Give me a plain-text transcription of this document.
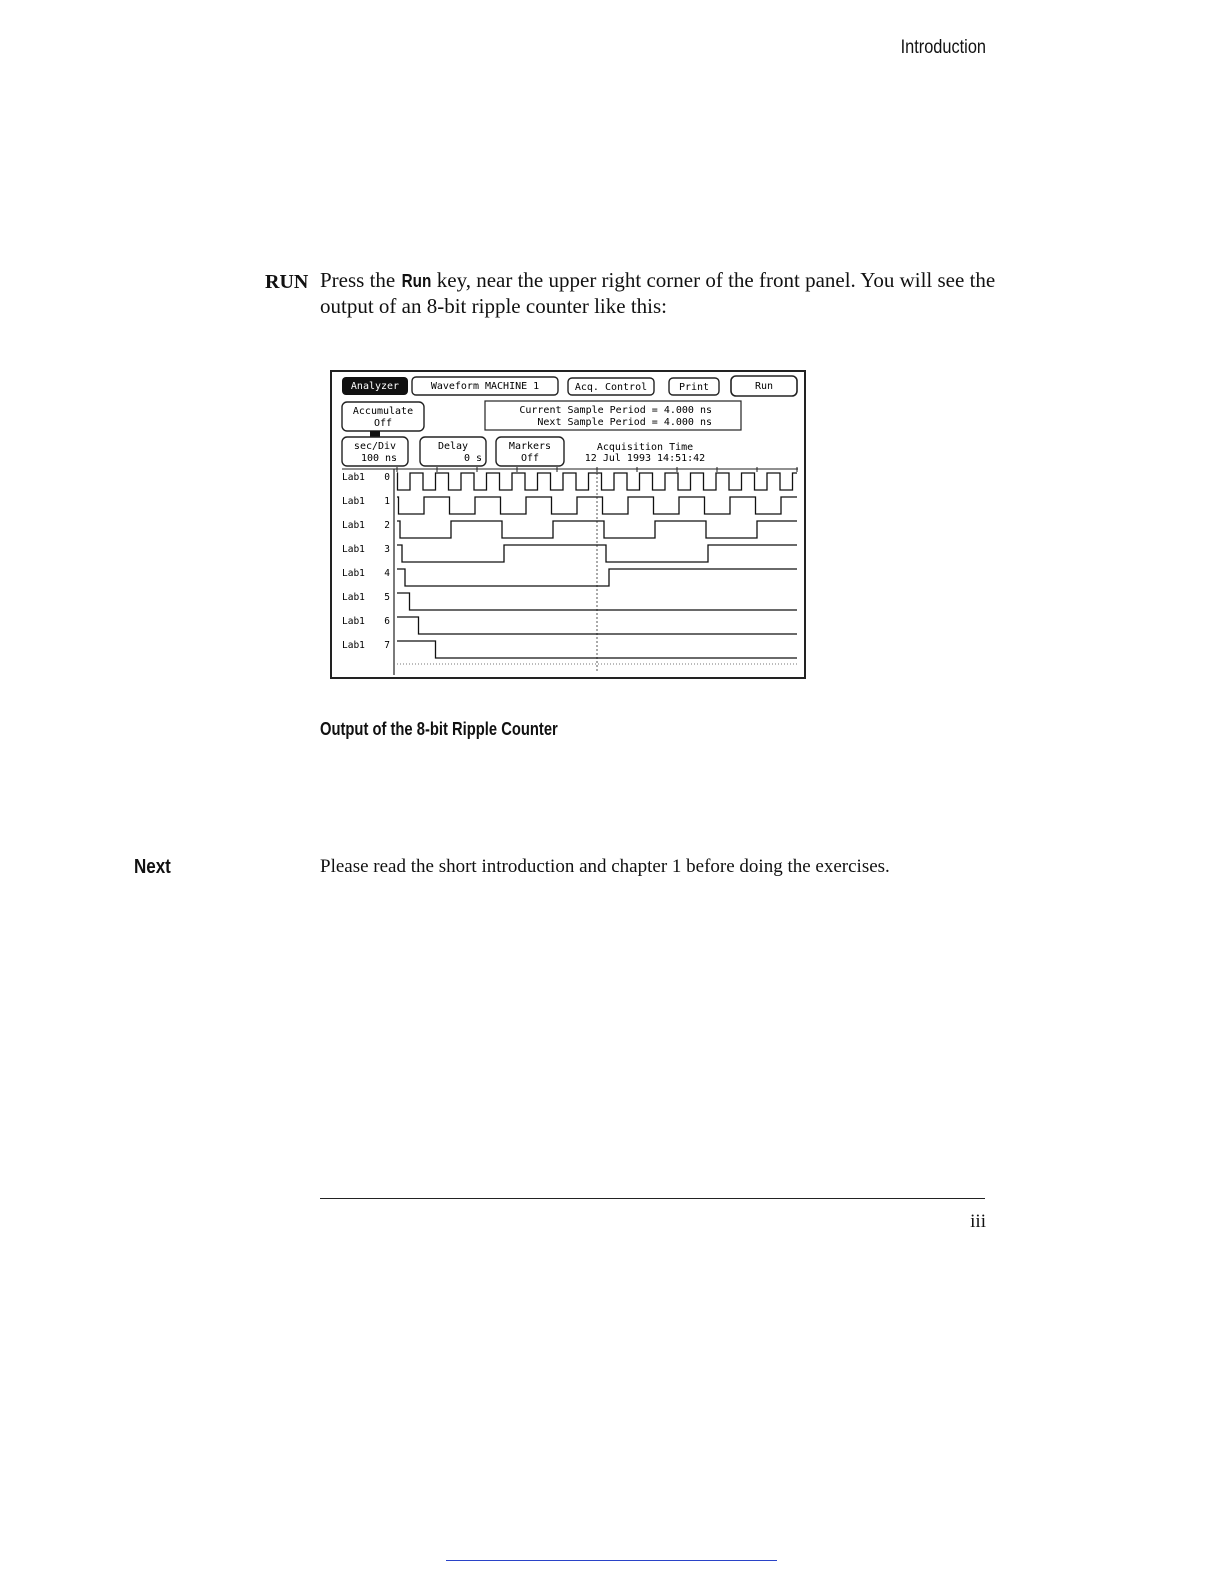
Introduction
RUN Press the Run key, near the upper right corner of the front panel. You will see the output of an 8-bit ripple counter like this:
Analyzer	Waveform MACHINE 1	Acq. Control	Print	Run
Accumulate
Off
Current Sample Period = 4.000 ns
Next Sample Period = 4.000 ns
sec/Div
100 ns
Delay
0 s
Markers
Off
Acquisition Time
12 Jul 1993 14:51:42
Lab1 0
Lab1 1
Lab1 2
Lab1 3
Lab1 4
Lab1 5
Lab1 6
Lab1 7
Output of the 8-bit Ripple Counter
Next	Please read the short introduction and chapter 1 before doing the exercises.
iii
